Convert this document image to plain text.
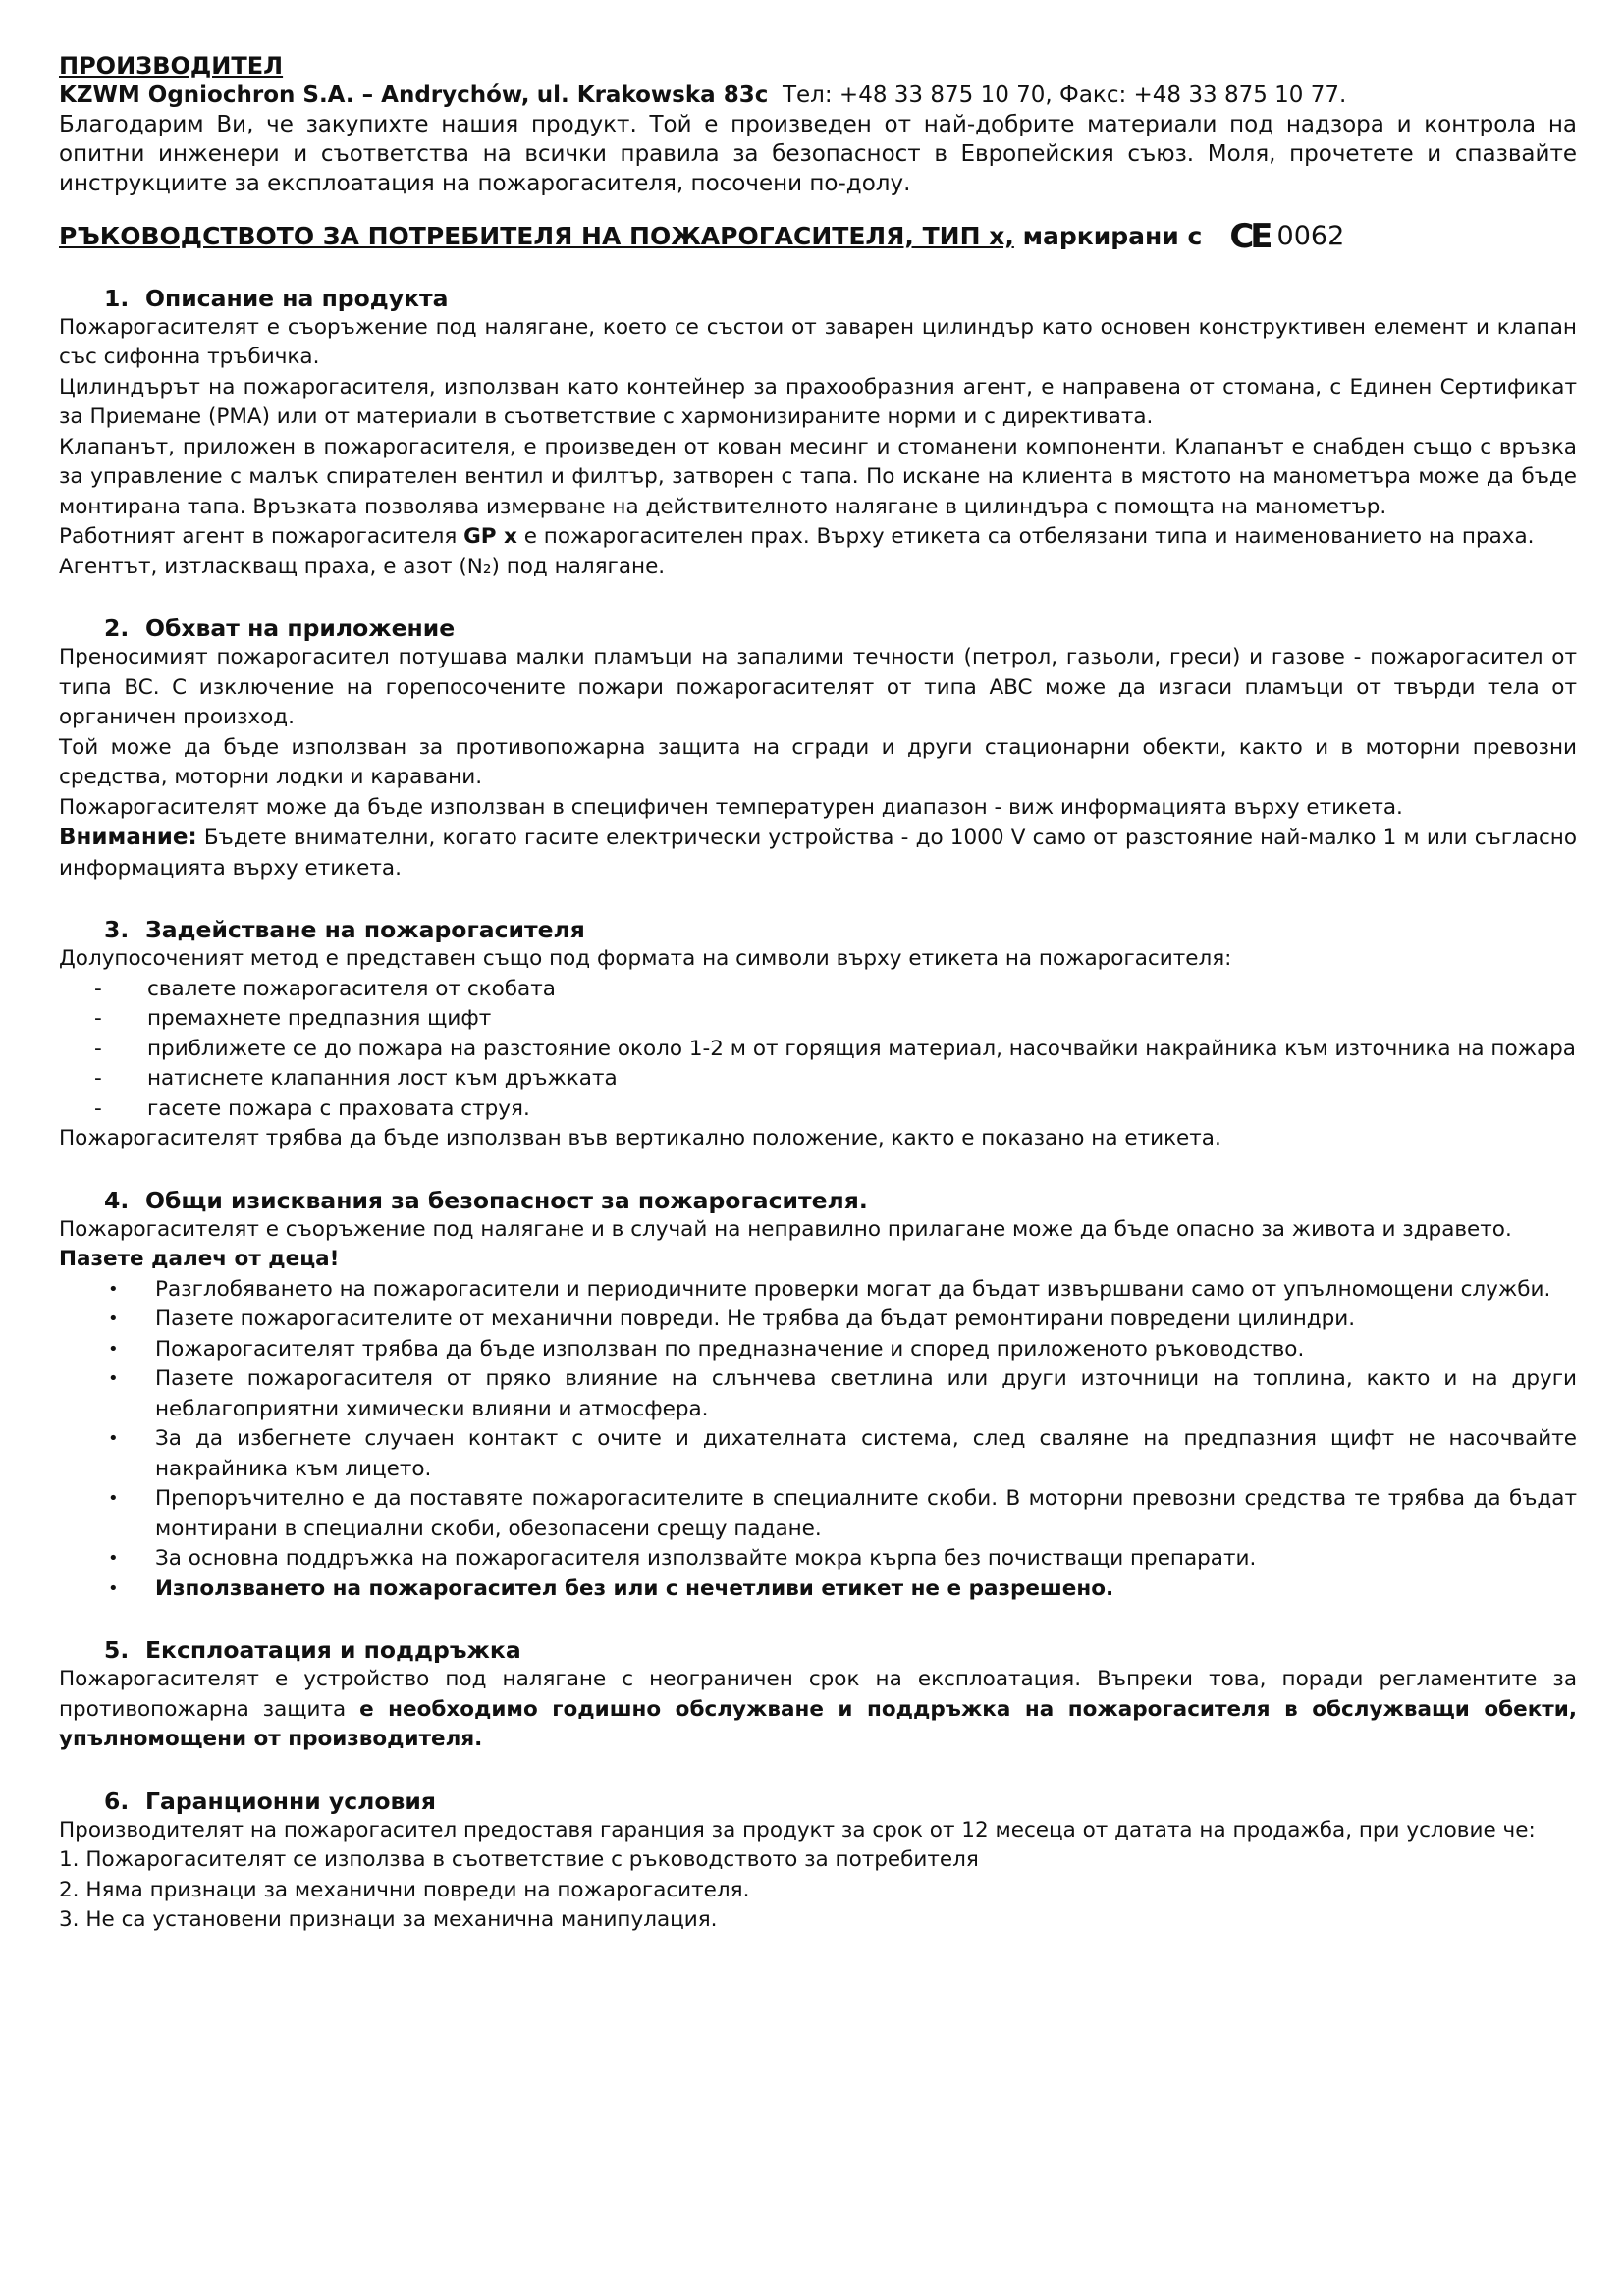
ПРОИЗВОДИТЕЛ
KZWM Ogniochron S.A. – Andrychów, ul. Krakowska 83c Тел: +48 33 875 10 70, Факс: +48 33 875 10 77.

Благодарим Ви, че закупихте нашия продукт. Той е произведен от най-добрите материали под надзора и контрола на опитни инженери и съответства на всички правила за безопасност в Европейския съюз. Моля, прочетете и спазвайте инструкциите за експлоатация на пожарогасителя, посочени по-долу.

РЪКОВОДСТВОТО ЗА ПОТРЕБИТЕЛЯ НА ПОЖАРОГАСИТЕЛЯ, ТИП x,
маркирани с CE 0062
1. Описание на продукта

Пожарогасителят е съоръжение под налягане, което се състои от заварен цилиндър като основен конструктивен елемент и клапан със сифонна тръбичка.

Цилиндърът на пожарогасителя, използван като контейнер за прахообразния агент, е направена от стомана, с Единен Сертификат за Приемане (PMA) или от материали в съответствие с хармонизираните норми и с директивата.

Клапанът, приложен в пожарогасителя, е произведен от кован месинг и стоманени компоненти. Клапанът е снабден също с връзка за управление с малък спирателен вентил и филтър, затворен с тапа. По искане на клиента в мястото на манометъра може да бъде монтирана тапа. Връзката позволява измерване на действителното налягане в цилиндъра с помощта на манометър.

Работният агент в пожарогасителя GP x е пожарогасителен прах. Върху етикета са отбелязани типа и наименованието на праха.

Агентът, изтласкващ праха, е азот (N₂) под налягане.

2. Обхват на приложение

Преносимият пожарогасител потушава малки пламъци на запалими течности (петрол, газьоли, греси) и газове - пожарогасител от типа BC. С изключение на горепосочените пожари пожарогасителят от типа ABC може да изгаси пламъци от твърди тела от органичен произход.

Той може да бъде използван за противопожарна защита на сгради и други стационарни обекти, както и в моторни превозни средства, моторни лодки и каравани.

Пожарогасителят може да бъде използван в специфичен температурен диапазон - виж информацията върху етикета.

Внимание: Бъдете внимателни, когато гасите електрически устройства - до 1000 V само от разстояние най-малко 1 м или съгласно информацията върху етикета.

3. Задействане на пожарогасителя

Долупосоченият метод е представен също под формата на символи върху етикета на пожарогасителя:

-	свалете пожарогасителя от скобата
-	премахнете предпазния щифт
- приближете се до пожара на разстояние около 1-2 м от горящия материал, насочвайки накрайника към източника на пожара
-	натиснете клапанния лост към дръжката
-	гасете пожара с праховата струя.

Пожарогасителят трябва да бъде използван във вертикално положение, както е показано на етикета.

4. Общи изисквания за безопасност за пожарогасителя.

Пожарогасителят е съоръжение под налягане и в случай на неправилно прилагане може да бъде опасно за живота и здравето.

Пазете далеч от деца!

•	Разглобяването на пожарогасители и периодичните проверки могат да бъдат извършвани само от упълномощени служби.
•	Пазете пожарогасителите от механични повреди. Не трябва да бъдат ремонтирани повредени цилиндри.
•	Пожарогасителят трябва да бъде използван по предназначение и според приложеното ръководство.
•	Пазете пожарогасителя от пряко влияние на слънчева светлина или други източници на топлина, както и на други неблагоприятни химически влияни и атмосфера.
•	За да избегнете случаен контакт с очите и дихателната система, след сваляне на предпазния щифт не насочвайте накрайника към лицето.
•	Препоръчително е да поставяте пожарогасителите в специалните скоби. В моторни превозни средства те трябва да бъдат монтирани в специални скоби, обезопасени срещу падане.
•	За основна поддръжка на пожарогасителя използвайте мокра кърпа без почистващи препарати.
•	Използването на пожарогасител без или с нечетливи етикет не е разрешено.
5. Експлоатация и поддръжка

Пожарогасителят е устройство под налягане с неограничен срок на експлоатация. Въпреки това, поради регламентите за противопожарна защита е необходимо годишно обслужване и поддръжка на пожарогасителя в обслужващи обекти, упълномощени от производителя.

6. Гаранционни условия

Производителят на пожарогасител предоставя гаранция за продукт за срок от 12 месеца от датата на продажба, при условие че:

1. Пожарогасителят се използва в съответствие с ръководството за потребителя

2. Няма признаци за механични повреди на пожарогасителя.

3. Не са установени признаци за механична манипулация.
